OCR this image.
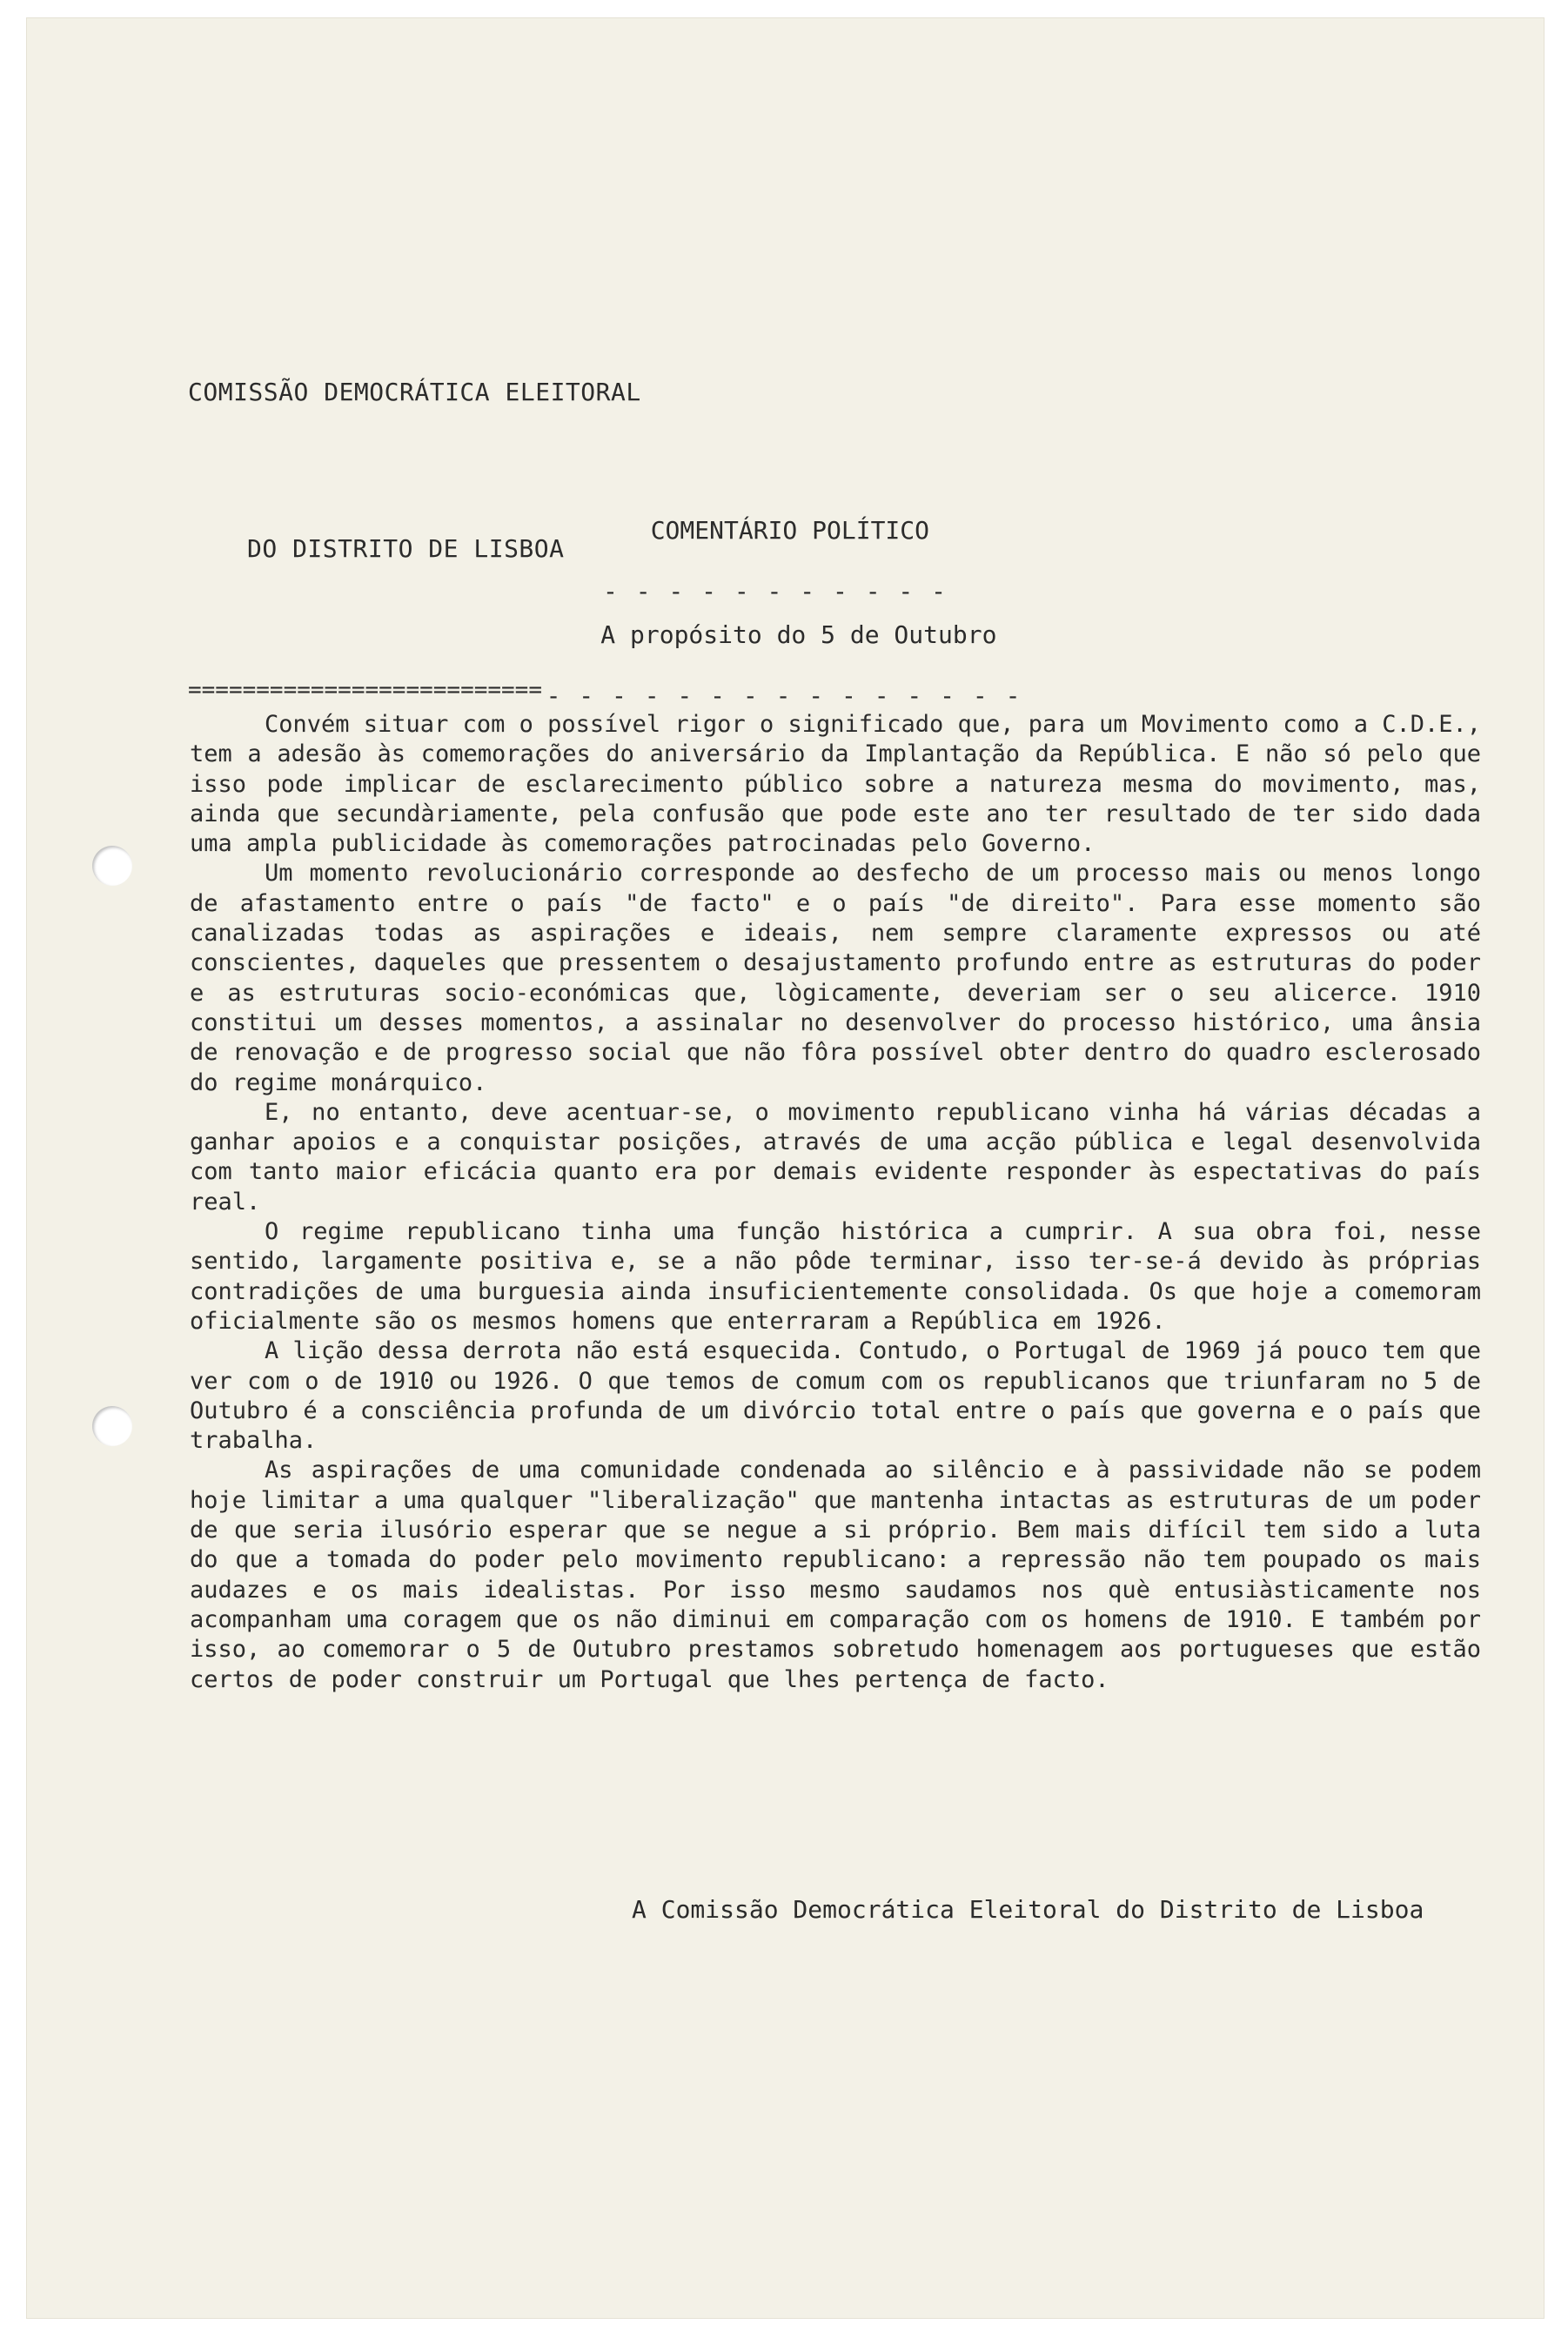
COMISSÃO DEMOCRÁTICA ELEITORAL

DO DISTRITO DE LISBOA

==========================

COMENTÁRIO POLÍTICO

- - - - - - - - - - -

A propósito do 5 de Outubro

- - - - - - - - - - - - - - -

Convém situar com o possível rigor o significado que, para um Movimento como a C.D.E., tem a adesão às comemorações do aniversário da Implantação da República. E não só pelo que isso pode implicar de esclarecimento público sobre a natureza mesma do movimento, mas, ainda que secundàriamente, pela confusão que pode este ano ter resultado de ter sido dada uma ampla publicidade às comemorações patrocinadas pelo Governo.

Um momento revolucionário corresponde ao desfecho de um processo mais ou menos longo de afastamento entre o país "de facto" e o país "de direito". Para esse momento são canalizadas todas as aspirações e ideais, nem sempre claramente expressos ou até conscientes, daqueles que pressentem o desajustamento profundo entre as estruturas do poder e as estruturas socio-económicas que, lògicamente, deveriam ser o seu alicerce. 1910 constitui um desses momentos, a assinalar no desenvolver do processo histórico, uma ânsia de renovação e de progresso social que não fôra possível obter dentro do quadro esclerosado do regime monárquico.

E, no entanto, deve acentuar-se, o movimento republicano vinha há várias décadas a ganhar apoios e a conquistar posições, através de uma acção pública e legal desenvolvida com tanto maior eficácia quanto era por demais evidente responder às espectativas do país real.

O regime republicano tinha uma função histórica a cumprir. A sua obra foi, nesse sentido, largamente positiva e, se a não pôde terminar, isso ter-se-á devido às próprias contradições de uma burguesia ainda insuficientemente consolidada. Os que hoje a comemoram oficialmente são os mesmos homens que enterraram a República em 1926.

A lição dessa derrota não está esquecida. Contudo, o Portugal de 1969 já pouco tem que ver com o de 1910 ou 1926. O que temos de comum com os republicanos que triunfaram no 5 de Outubro é a consciência profunda de um divórcio total entre o país que governa e o país que trabalha.

As aspirações de uma comunidade condenada ao silêncio e à passividade não se podem hoje limitar a uma qualquer "liberalização" que mantenha intactas as estruturas de um poder de que seria ilusório esperar que se negue a si próprio. Bem mais difícil tem sido a luta do que a tomada do poder pelo movimento republicano: a repressão não tem poupado os mais audazes e os mais idealistas. Por isso mesmo saudamos nos què entusiàsticamente nos acompanham uma coragem que os não diminui em comparação com os homens de 1910. E também por isso, ao comemorar o 5 de Outubro prestamos sobretudo homenagem aos portugueses que estão certos de poder construir um Portugal que lhes pertença de facto.

A Comissão Democrática Eleitoral do Distrito de Lisboa
